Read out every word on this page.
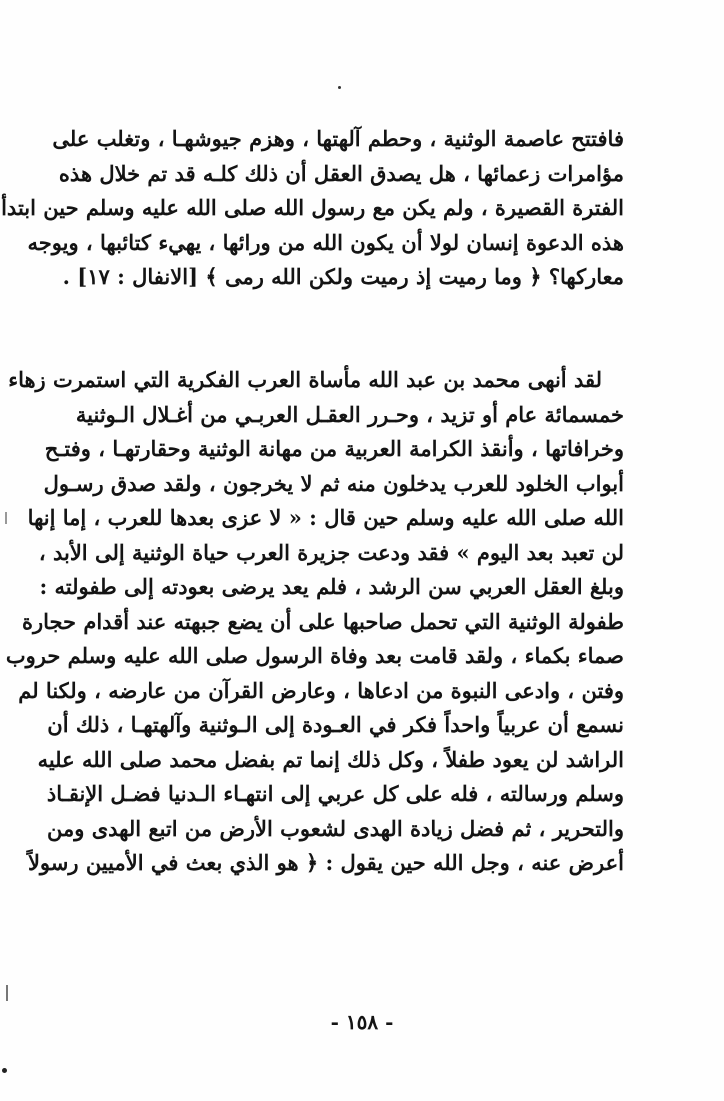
فافتتح عاصمة الوثنية ، وحطم آلهتها ، وهزم جيوشهـا ، وتغلب على
مؤامرات زعمائها ، هل يصدق العقل أن ذلك كلـه قد تم خلال هذه
الفترة القصيرة ، ولم يكن مع رسول الله صلى الله عليه وسلم حين ابتدأ
هذه الدعوة إنسان لولا أن يكون الله من ورائها ، يهيء كتائبها ، ويوجه
معاركها؟ ﴿ وما رميت إذ رميت ولكن الله رمى ﴾ [الانفال : ١٧] .
لقد أنهى محمد بن عبد الله مأساة العرب الفكرية التي استمرت زهاء
خمسمائة عام أو تزيد ، وحـرر العقـل العربـي من أغـلال الـوثنية
وخرافاتها ، وأنقذ الكرامة العربية من مهانة الوثنية وحقارتهـا ، وفتـح
أبواب الخلود للعرب يدخلون منه ثم لا يخرجون ، ولقد صدق رسـول
الله صلى الله عليه وسلم حين قال : « لا عزى بعدها للعرب ، إما إنها
لن تعبد بعد اليوم » فقد ودعت جزيرة العرب حياة الوثنية إلى الأبد ،
وبلغ العقل العربي سن الرشد ، فلم يعد يرضى بعودته إلى طفولته :
طفولة الوثنية التي تحمل صاحبها على أن يضع جبهته عند أقدام حجارة
صماء بكماء ، ولقد قامت بعد وفاة الرسول صلى الله عليه وسلم حروب
وفتن ، وادعى النبوة من ادعاها ، وعارض القرآن من عارضه ، ولكنا لم
نسمع أن عربياً واحداً فكر في العـودة إلى الـوثنية وآلهتهـا ، ذلك أن
الراشد لن يعود طفلاً ، وكل ذلك إنما تم بفضل محمد صلى الله عليه
وسلم ورسالته ، فله على كل عربي إلى انتهـاء الـدنيا فضـل الإنقـاذ
والتحرير ، ثم فضل زيادة الهدى لشعوب الأرض من اتبع الهدى ومن
أعرض عنه ، وجل الله حين يقول : ﴿ هو الذي بعث في الأميين رسولاً
- ١٥٨ -
